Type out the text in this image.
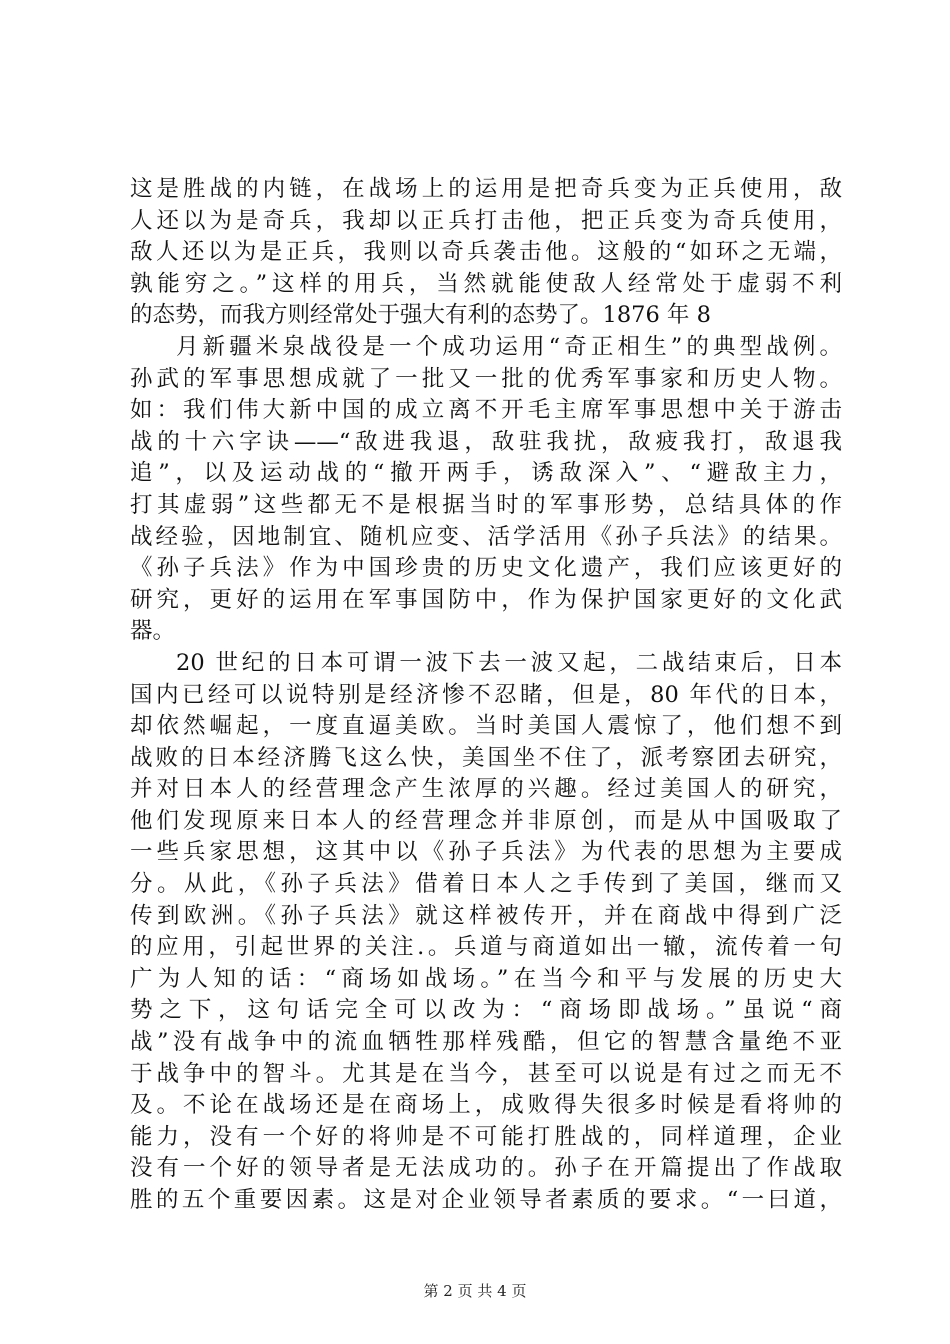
这是胜战的内链，在战场上的运用是把奇兵变为正兵使用，敌
人还以为是奇兵，我却以正兵打击他，把正兵变为奇兵使用，
敌人还以为是正兵，我则以奇兵袭击他。这般的“如环之无端，
孰能穷之。”这样的用兵，当然就能使敌人经常处于虚弱不利
的态势，而我方则经常处于强大有利的态势了。1876 年 8
月新疆米泉战役是一个成功运用“奇正相生”的典型战例。
孙武的军事思想成就了一批又一批的优秀军事家和历史人物。
如：我们伟大新中国的成立离不开毛主席军事思想中关于游击
战的十六字诀——“敌进我退，敌驻我扰，敌疲我打，敌退我
追”，以及运动战的“撤开两手，诱敌深入”、“避敌主力，
打其虚弱”这些都无不是根据当时的军事形势，总结具体的作
战经验，因地制宜、随机应变、活学活用《孙子兵法》的结果。
《孙子兵法》作为中国珍贵的历史文化遗产，我们应该更好的
研究，更好的运用在军事国防中，作为保护国家更好的文化武
器。
20 世纪的日本可谓一波下去一波又起，二战结束后，日本
国内已经可以说特别是经济惨不忍睹，但是，80 年代的日本，
却依然崛起，一度直逼美欧。当时美国人震惊了，他们想不到
战败的日本经济腾飞这么快，美国坐不住了，派考察团去研究，
并对日本人的经营理念产生浓厚的兴趣。经过美国人的研究，
他们发现原来日本人的经营理念并非原创，而是从中国吸取了
一些兵家思想，这其中以《孙子兵法》为代表的思想为主要成
分。从此，《孙子兵法》借着日本人之手传到了美国，继而又
传到欧洲。《孙子兵法》就这样被传开，并在商战中得到广泛
的应用，引起世界的关注.。兵道与商道如出一辙，流传着一句
广为人知的话：“商场如战场。”在当今和平与发展的历史大
势之下，这句话完全可以改为：“商场即战场。”虽说“商
战”没有战争中的流血牺牲那样残酷，但它的智慧含量绝不亚
于战争中的智斗。尤其是在当今，甚至可以说是有过之而无不
及。不论在战场还是在商场上，成败得失很多时候是看将帅的
能力，没有一个好的将帅是不可能打胜战的，同样道理，企业
没有一个好的领导者是无法成功的。孙子在开篇提出了作战取
胜的五个重要因素。这是对企业领导者素质的要求。“一曰道，
第 2 页 共 4 页
